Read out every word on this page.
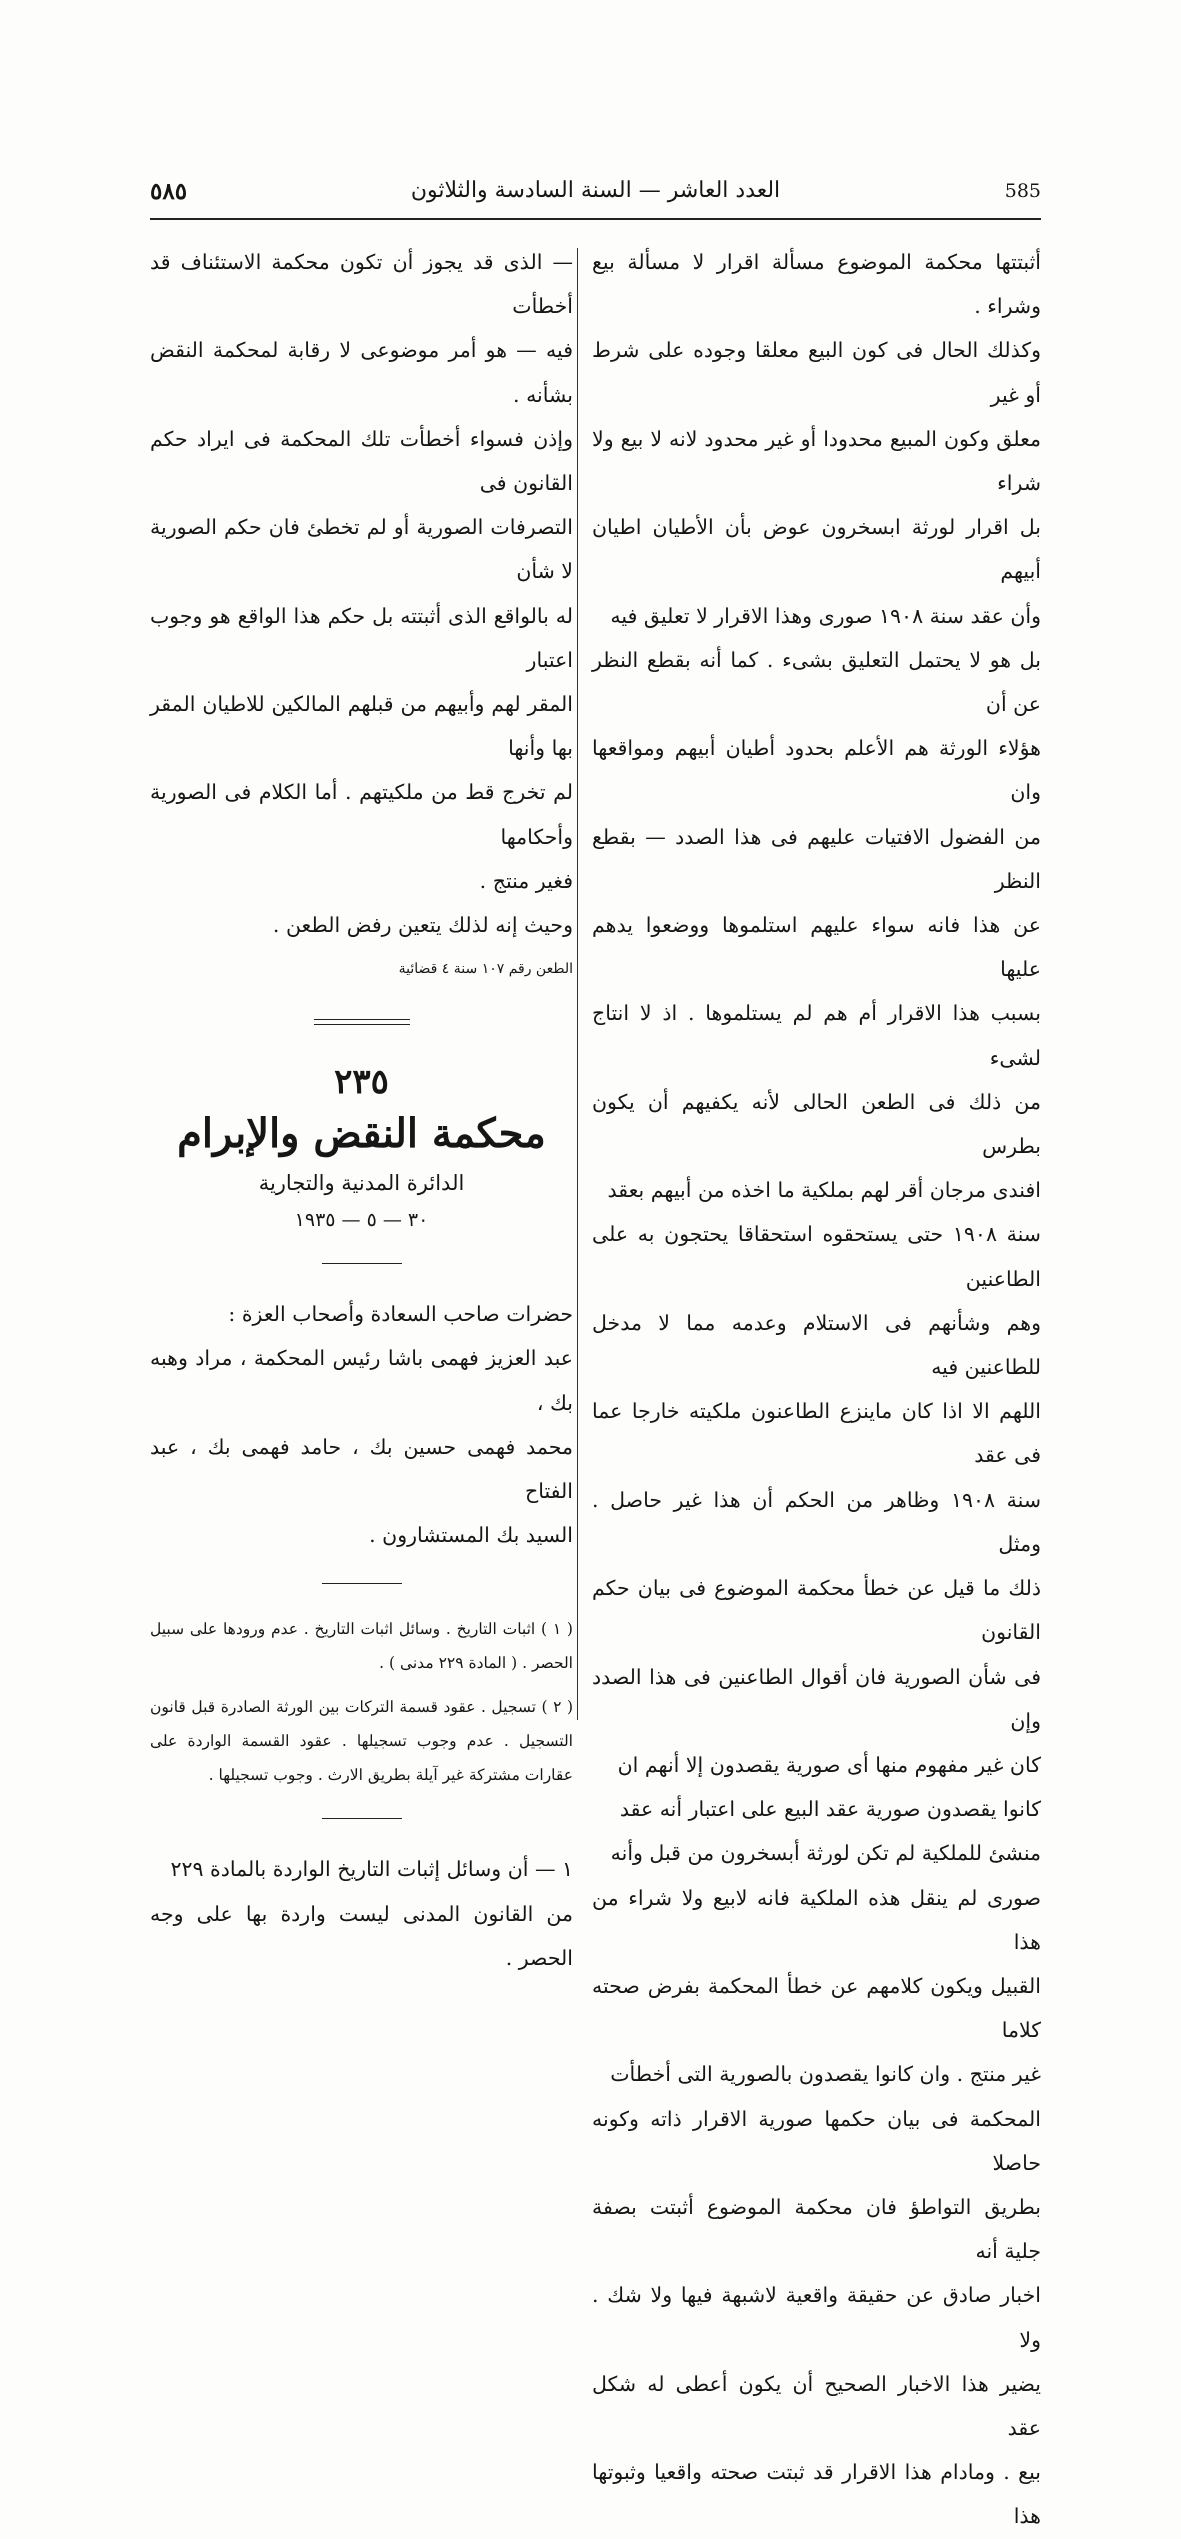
585
العدد العاشر — السنة السادسة والثلاثون
٥٨٥

أثبتتها محكمة الموضوع مسألة اقرار لا مسألة بيع وشراء .

وكذلك الحال فى كون البيع معلقا وجوده على شرط أو غير

معلق وكون المبيع محدودا أو غير محدود لانه لا بيع ولا شراء

بل اقرار لورثة ابسخرون عوض بأن الأطيان اطيان أبيهم

وأن عقد سنة ١٩٠٨ صورى وهذا الاقرار لا تعليق فيه

بل هو لا يحتمل التعليق بشىء . كما أنه بقطع النظر عن أن

هؤلاء الورثة هم الأعلم بحدود أطيان أبيهم ومواقعها وان

من الفضول الافتيات عليهم فى هذا الصدد — بقطع النظر

عن هذا فانه سواء عليهم استلموها ووضعوا يدهم عليها

بسبب هذا الاقرار أم هم لم يستلموها . اذ لا انتاج لشىء

من ذلك فى الطعن الحالى لأنه يكفيهم أن يكون بطرس

افندى مرجان أقر لهم بملكية ما اخذه من أبيهم بعقد

سنة ١٩٠٨ حتى يستحقوه استحقاقا يحتجون به على الطاعنين

وهم وشأنهم فى الاستلام وعدمه مما لا مدخل للطاعنين فيه

اللهم الا اذا كان ماينزع الطاعنون ملكيته خارجا عما فى عقد

سنة ١٩٠٨ وظاهر من الحكم أن هذا غير حاصل . ومثل

ذلك ما قيل عن خطأ محكمة الموضوع فى بيان حكم القانون

فى شأن الصورية فان أقوال الطاعنين فى هذا الصدد وإن

كان غير مفهوم منها أى صورية يقصدون إلا أنهم ان

كانوا يقصدون صورية عقد البيع على اعتبار أنه عقد

منشئ للملكية لم تكن لورثة أبسخرون من قبل وأنه

صورى لم ينقل هذه الملكية فانه لابيع ولا شراء من هذا

القبيل ويكون كلامهم عن خطأ المحكمة بفرض صحته كلاما

غير منتج . وان كانوا يقصدون بالصورية التى أخطأت

المحكمة فى بيان حكمها صورية الاقرار ذاته وكونه حاصلا

بطريق التواطؤ فان محكمة الموضوع أثبتت بصفة جلية أنه

اخبار صادق عن حقيقة واقعية لاشبهة فيها ولا شك . ولا

يضير هذا الاخبار الصحيح أن يكون أعطى له شكل عقد

بيع . ومادام هذا الاقرار قد ثبتت صحته واقعيا وثبوتها هذا

— الذى قد يجوز أن تكون محكمة الاستئناف قد أخطأت

فيه — هو أمر موضوعى لا رقابة لمحكمة النقض بشأنه .

وإذن فسواء أخطأت تلك المحكمة فى ايراد حكم القانون فى

التصرفات الصورية أو لم تخطئ فان حكم الصورية لا شأن

له بالواقع الذى أثبتته بل حكم هذا الواقع هو وجوب اعتبار

المقر لهم وأبيهم من قبلهم المالكين للاطيان المقر بها وأنها

لم تخرج قط من ملكيتهم . أما الكلام فى الصورية وأحكامها

فغير منتج .

وحيث إنه لذلك يتعين رفض الطعن .

الطعن رقم ١٠٧ سنة ٤ قضائية

٢٣٥

محكمة النقض والإبرام

الدائرة المدنية والتجارية

٣٠ — ٥ — ١٩٣٥

حضرات صاحب السعادة وأصحاب العزة :

عبد العزيز فهمى باشا رئيس المحكمة ، مراد وهبه بك ،

محمد فهمى حسين بك ، حامد فهمى بك ، عبد الفتاح

السيد بك المستشارون .

( ١ ) اثبات التاريخ . وسائل اثبات التاريخ . عدم ورودها على سبيل الحصر . ( المادة ٢٢٩ مدنى ) .

( ٢ ) تسجيل . عقود قسمة التركات بين الورثة الصادرة قبل قانون التسجيل . عدم وجوب تسجيلها . عقود القسمة الواردة على عقارات مشتركة غير آيلة بطريق الارث . وجوب تسجيلها .

١ — أن وسائل إثبات التاريخ الواردة بالمادة ٢٢٩

من القانون المدنى ليست واردة بها على وجه الحصر .
